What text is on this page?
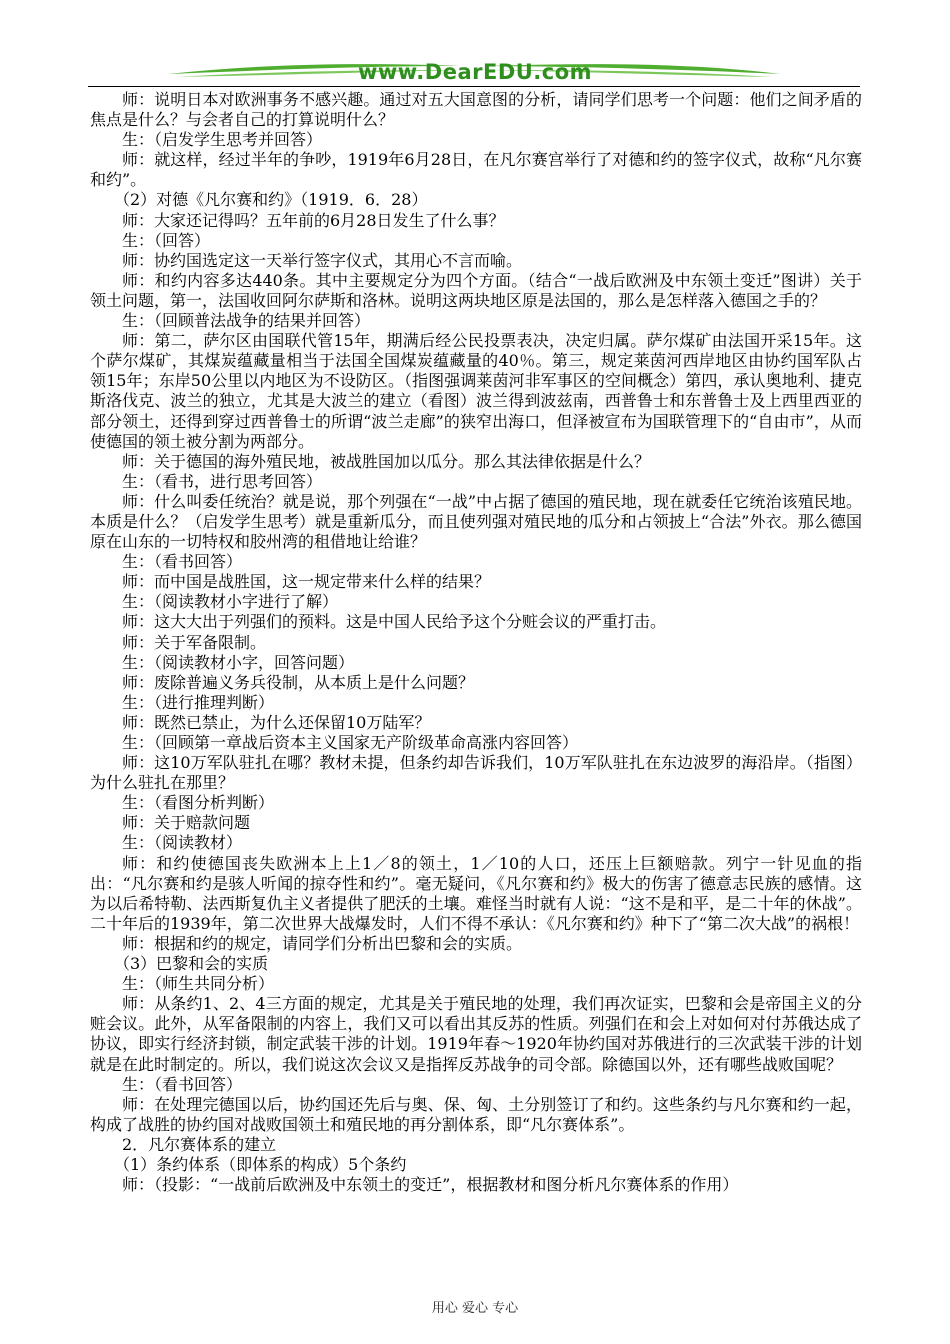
www.DearEDU.com

师：说明日本对欧洲事务不感兴趣。通过对五大国意图的分析，请同学们思考一个问题：他们之间矛盾的焦点是什么？与会者自己的打算说明什么？

生：（启发学生思考并回答）

师：就这样，经过半年的争吵，1919年6月28日，在凡尔赛宫举行了对德和约的签字仪式，故称“凡尔赛和约”。

（2）对德《凡尔赛和约》（1919．6．28）

师：大家还记得吗？五年前的6月28日发生了什么事？

生：（回答）

师：协约国选定这一天举行签字仪式，其用心不言而喻。

师：和约内容多达440条。其中主要规定分为四个方面。（结合“一战后欧洲及中东领土变迁”图讲）关于领土问题，第一，法国收回阿尔萨斯和洛林。说明这两块地区原是法国的，那么是怎样落入德国之手的？

生：（回顾普法战争的结果并回答）

师：第二，萨尔区由国联代管15年，期满后经公民投票表决，决定归属。萨尔煤矿由法国开采15年。这个萨尔煤矿，其煤炭蕴藏量相当于法国全国煤炭蕴藏量的40％。第三，规定莱茵河西岸地区由协约国军队占领15年；东岸50公里以内地区为不设防区。（指图强调莱茵河非军事区的空间概念）第四，承认奥地利、捷克斯洛伐克、波兰的独立，尤其是大波兰的建立（看图）波兰得到波兹南，西普鲁士和东普鲁士及上西里西亚的部分领土，还得到穿过西普鲁士的所谓“波兰走廊”的狭窄出海口，但泽被宣布为国联管理下的“自由市”，从而使德国的领土被分割为两部分。

师：关于德国的海外殖民地，被战胜国加以瓜分。那么其法律依据是什么？

生：（看书，进行思考回答）

师：什么叫委任统治？就是说，那个列强在“一战”中占据了德国的殖民地，现在就委任它统治该殖民地。本质是什么？（启发学生思考）就是重新瓜分，而且使列强对殖民地的瓜分和占领披上“合法”外衣。那么德国原在山东的一切特权和胶州湾的租借地让给谁？

生：（看书回答）

师：而中国是战胜国，这一规定带来什么样的结果？

生：（阅读教材小字进行了解）

师：这大大出于列强们的预料。这是中国人民给予这个分赃会议的严重打击。

师：关于军备限制。

生：（阅读教材小字，回答问题）

师：废除普遍义务兵役制，从本质上是什么问题？

生：（进行推理判断）

师：既然已禁止，为什么还保留10万陆军？

生：（回顾第一章战后资本主义国家无产阶级革命高涨内容回答）

师：这10万军队驻扎在哪？教材未提，但条约却告诉我们，10万军队驻扎在东边波罗的海沿岸。（指图）为什么驻扎在那里？

生：（看图分析判断）

师：关于赔款问题

生：（阅读教材）

师：和约使德国丧失欧洲本上上1／8的领土，1／10的人口，还压上巨额赔款。列宁一针见血的指出：“凡尔赛和约是骇人听闻的掠夺性和约”。毫无疑问，《凡尔赛和约》极大的伤害了德意志民族的感情。这为以后希特勒、法西斯复仇主义者提供了肥沃的土壤。难怪当时就有人说：“这不是和平，是二十年的休战”。二十年后的1939年，第二次世界大战爆发时，人们不得不承认：《凡尔赛和约》种下了“第二次大战”的祸根！

师：根据和约的规定，请同学们分析出巴黎和会的实质。

（3）巴黎和会的实质

生：（师生共同分析）

师：从条约1、2、4三方面的规定，尤其是关于殖民地的处理，我们再次证实，巴黎和会是帝国主义的分赃会议。此外，从军备限制的内容上，我们又可以看出其反苏的性质。列强们在和会上对如何对付苏俄达成了协议，即实行经济封锁，制定武装干涉的计划。1919年春～1920年协约国对苏俄进行的三次武装干涉的计划就是在此时制定的。所以，我们说这次会议又是指挥反苏战争的司令部。除德国以外，还有哪些战败国呢？

生：（看书回答）

师：在处理完德国以后，协约国还先后与奥、保、匈、土分别签订了和约。这些条约与凡尔赛和约一起，构成了战胜的协约国对战败国领土和殖民地的再分割体系，即“凡尔赛体系”。

2．凡尔赛体系的建立

（1）条约体系（即体系的构成）5个条约

师：（投影：“一战前后欧洲及中东领土的变迁”，根据教材和图分析凡尔赛体系的作用）

用心 爱心 专心
